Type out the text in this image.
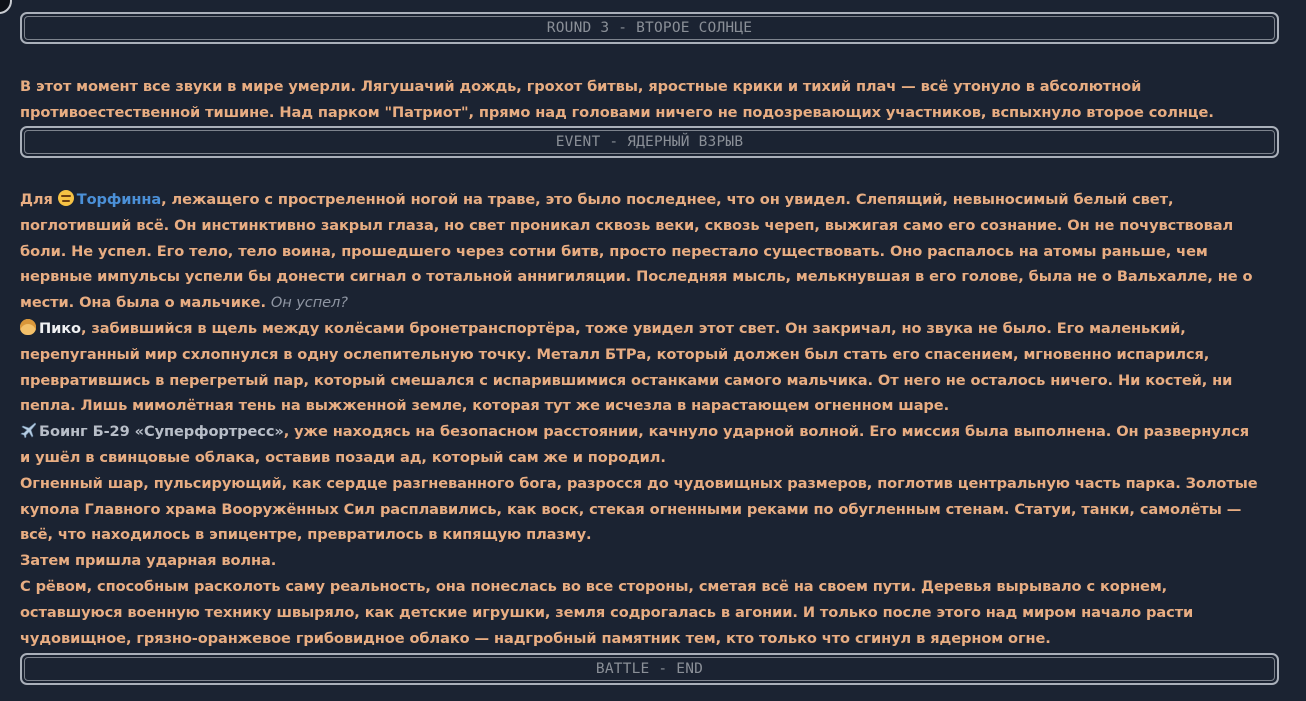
ROUND 3 - ВТОРОЕ СОЛНЦЕ
В этот момент все звуки в мире умерли. Лягушачий дождь, грохот битвы, яростные крики и тихий плач — всё утонуло в абсолютной
противоестественной тишине. Над парком "Патриот", прямо над головами ничего не подозревающих участников, вспыхнуло второе солнце.
EVENT - ЯДЕРНЫЙ ВЗРЫВ
Для Торфинна, лежащего с простреленной ногой на траве, это было последнее, что он увидел. Слепящий, невыносимый белый свет,
поглотивший всё. Он инстинктивно закрыл глаза, но свет проникал сквозь веки, сквозь череп, выжигая само его сознание. Он не почувствовал
боли. Не успел. Его тело, тело воина, прошедшего через сотни битв, просто перестало существовать. Оно распалось на атомы раньше, чем
нервные импульсы успели бы донести сигнал о тотальной аннигиляции. Последняя мысль, мелькнувшая в его голове, была не о Вальхалле, не о
мести. Она была о мальчике. Он успел?
Пико, забившийся в щель между колёсами бронетранспортёра, тоже увидел этот свет. Он закричал, но звука не было. Его маленький,
перепуганный мир схлопнулся в одну ослепительную точку. Металл БТРа, который должен был стать его спасением, мгновенно испарился,
превратившись в перегретый пар, который смешался с испарившимися останками самого мальчика. От него не осталось ничего. Ни костей, ни
пепла. Лишь мимолётная тень на выжженной земле, которая тут же исчезла в нарастающем огненном шаре.
Боинг Б-29 «Суперфортресс», уже находясь на безопасном расстоянии, качнуло ударной волной. Его миссия была выполнена. Он развернулся
и ушёл в свинцовые облака, оставив позади ад, который сам же и породил.
Огненный шар, пульсирующий, как сердце разгневанного бога, разросся до чудовищных размеров, поглотив центральную часть парка. Золотые
купола Главного храма Вооружённых Сил расплавились, как воск, стекая огненными реками по обугленным стенам. Статуи, танки, самолёты —
всё, что находилось в эпицентре, превратилось в кипящую плазму.
Затем пришла ударная волна.
С рёвом, способным расколоть саму реальность, она понеслась во все стороны, сметая всё на своем пути. Деревья вырывало с корнем,
оставшуюся военную технику швыряло, как детские игрушки, земля содрогалась в агонии. И только после этого над миром начало расти
чудовищное, грязно-оранжевое грибовидное облако — надгробный памятник тем, кто только что сгинул в ядерном огне.
BATTLE - END
